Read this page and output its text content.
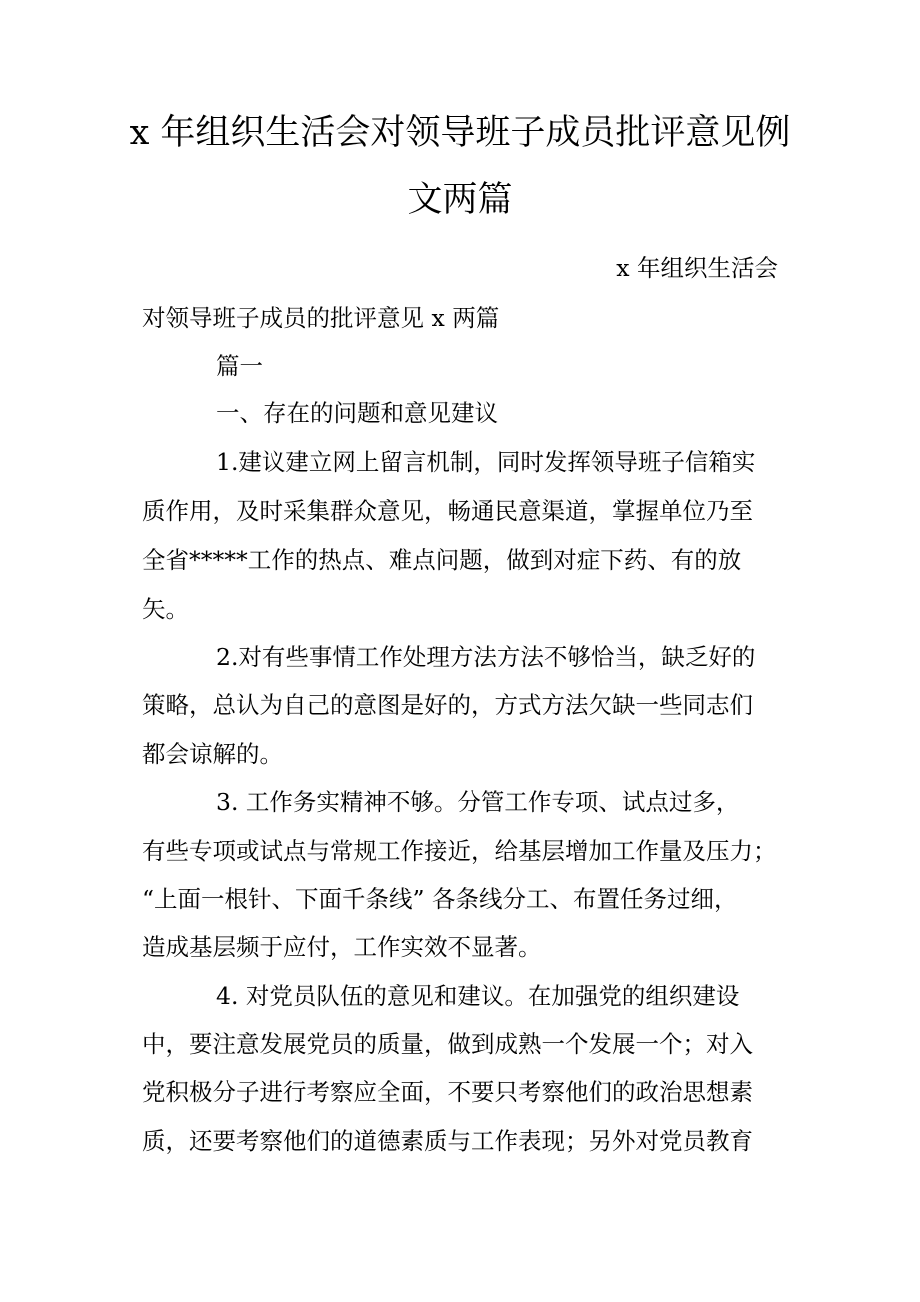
x 年组织生活会对领导班子成员批评意见例
文两篇
x 年组织生活会
对领导班子成员的批评意见 x 两篇
篇一
一、存在的问题和意见建议
1.建议建立网上留言机制，同时发挥领导班子信箱实
质作用，及时采集群众意见，畅通民意渠道，掌握单位乃至
全省*****工作的热点、难点问题，做到对症下药、有的放
矢。
2.对有些事情工作处理方法方法不够恰当，缺乏好的
策略，总认为自己的意图是好的，方式方法欠缺一些同志们
都会谅解的。
3. 工作务实精神不够。分管工作专项、试点过多，
有些专项或试点与常规工作接近，给基层增加工作量及压力；
“上面一根针、下面千条线” 各条线分工、布置任务过细，
造成基层频于应付，工作实效不显著。
4. 对党员队伍的意见和建议。在加强党的组织建设
中，要注意发展党员的质量，做到成熟一个发展一个；对入
党积极分子进行考察应全面，不要只考察他们的政治思想素
质，还要考察他们的道德素质与工作表现；另外对党员教育
